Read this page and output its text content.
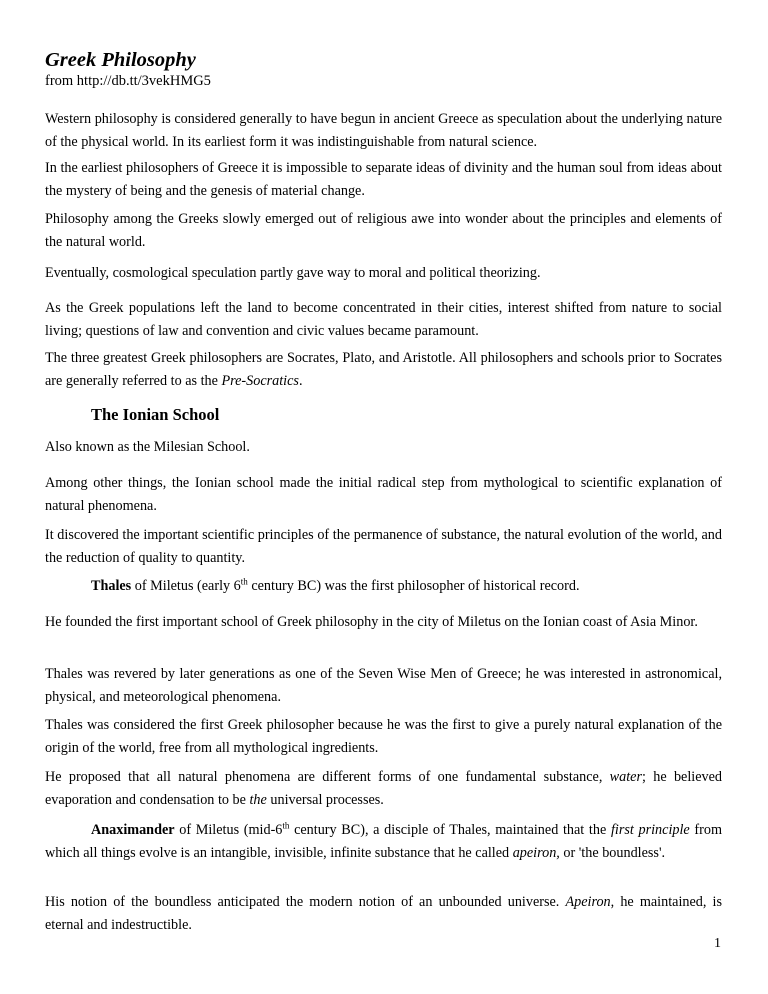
Greek Philosophy
from http://db.tt/3vekHMG5
Western philosophy is considered generally to have begun in ancient Greece as speculation about the underlying nature of the physical world. In its earliest form it was indistinguishable from natural science.
In the earliest philosophers of Greece it is impossible to separate ideas of divinity and the human soul from ideas about the mystery of being and the genesis of material change.
Philosophy among the Greeks slowly emerged out of religious awe into wonder about the principles and elements of the natural world.
Eventually, cosmological speculation partly gave way to moral and political theorizing.
As the Greek populations left the land to become concentrated in their cities, interest shifted from nature to social living; questions of law and convention and civic values became paramount.
The three greatest Greek philosophers are Socrates, Plato, and Aristotle. All philosophers and schools prior to Socrates are generally referred to as the Pre-Socratics.
The Ionian School
Also known as the Milesian School.
Among other things, the Ionian school made the initial radical step from mythological to scientific explanation of natural phenomena.
It discovered the important scientific principles of the permanence of substance, the natural evolution of the world, and the reduction of quality to quantity.
Thales of Miletus (early 6th century BC) was the first philosopher of historical record.
He founded the first important school of Greek philosophy in the city of Miletus on the Ionian coast of Asia Minor.
Thales was revered by later generations as one of the Seven Wise Men of Greece; he was interested in astronomical, physical, and meteorological phenomena.
Thales was considered the first Greek philosopher because he was the first to give a purely natural explanation of the origin of the world, free from all mythological ingredients.
He proposed that all natural phenomena are different forms of one fundamental substance, water; he believed evaporation and condensation to be the universal processes.
Anaximander of Miletus (mid-6th century BC), a disciple of Thales, maintained that the first principle from which all things evolve is an intangible, invisible, infinite substance that he called apeiron, or 'the boundless'.
His notion of the boundless anticipated the modern notion of an unbounded universe. Apeiron, he maintained, is eternal and indestructible.
1
